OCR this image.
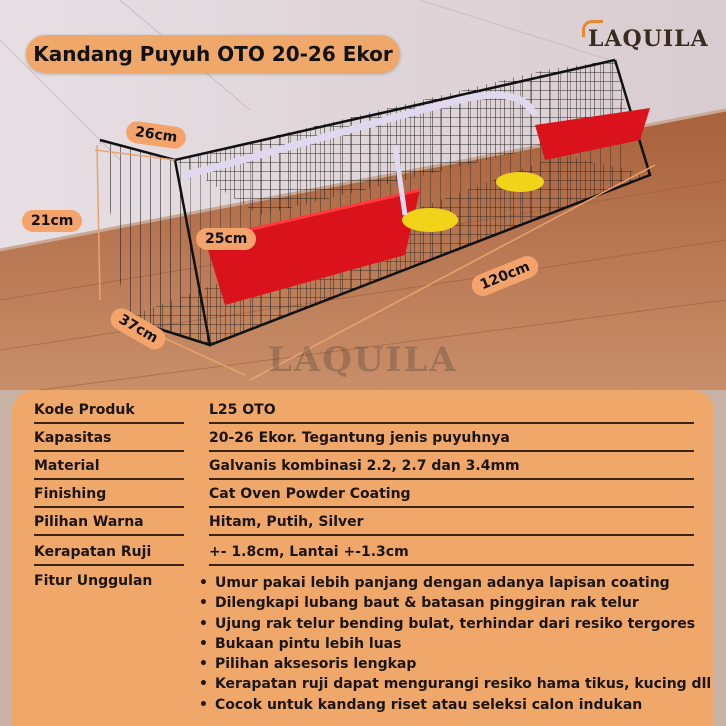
Kandang Puyuh OTO 20-26 Ekor
LAQUILA
LAQUILA
26cm
21cm
25cm
37cm
120cm
Kode Produk	L25 OTO
Kapasitas	20-26 Ekor. Tegantung jenis puyuhnya
Material	Galvanis kombinasi 2.2, 2.7 dan 3.4mm
Finishing	Cat Oven Powder Coating
Pilihan Warna	Hitam, Putih, Silver
Kerapatan Ruji	+- 1.8cm, Lantai +-1.3cm
Fitur Unggulan
•	Umur pakai lebih panjang dengan adanya lapisan coating
• Dilengkapi lubang baut & batasan pinggiran rak telur
• Ujung rak telur bending bulat, terhindar dari resiko tergores
• Bukaan pintu lebih luas
• Pilihan aksesoris lengkap
• Kerapatan ruji dapat mengurangi resiko hama tikus, kucing dll
• Cocok untuk kandang riset atau seleksi calon indukan
